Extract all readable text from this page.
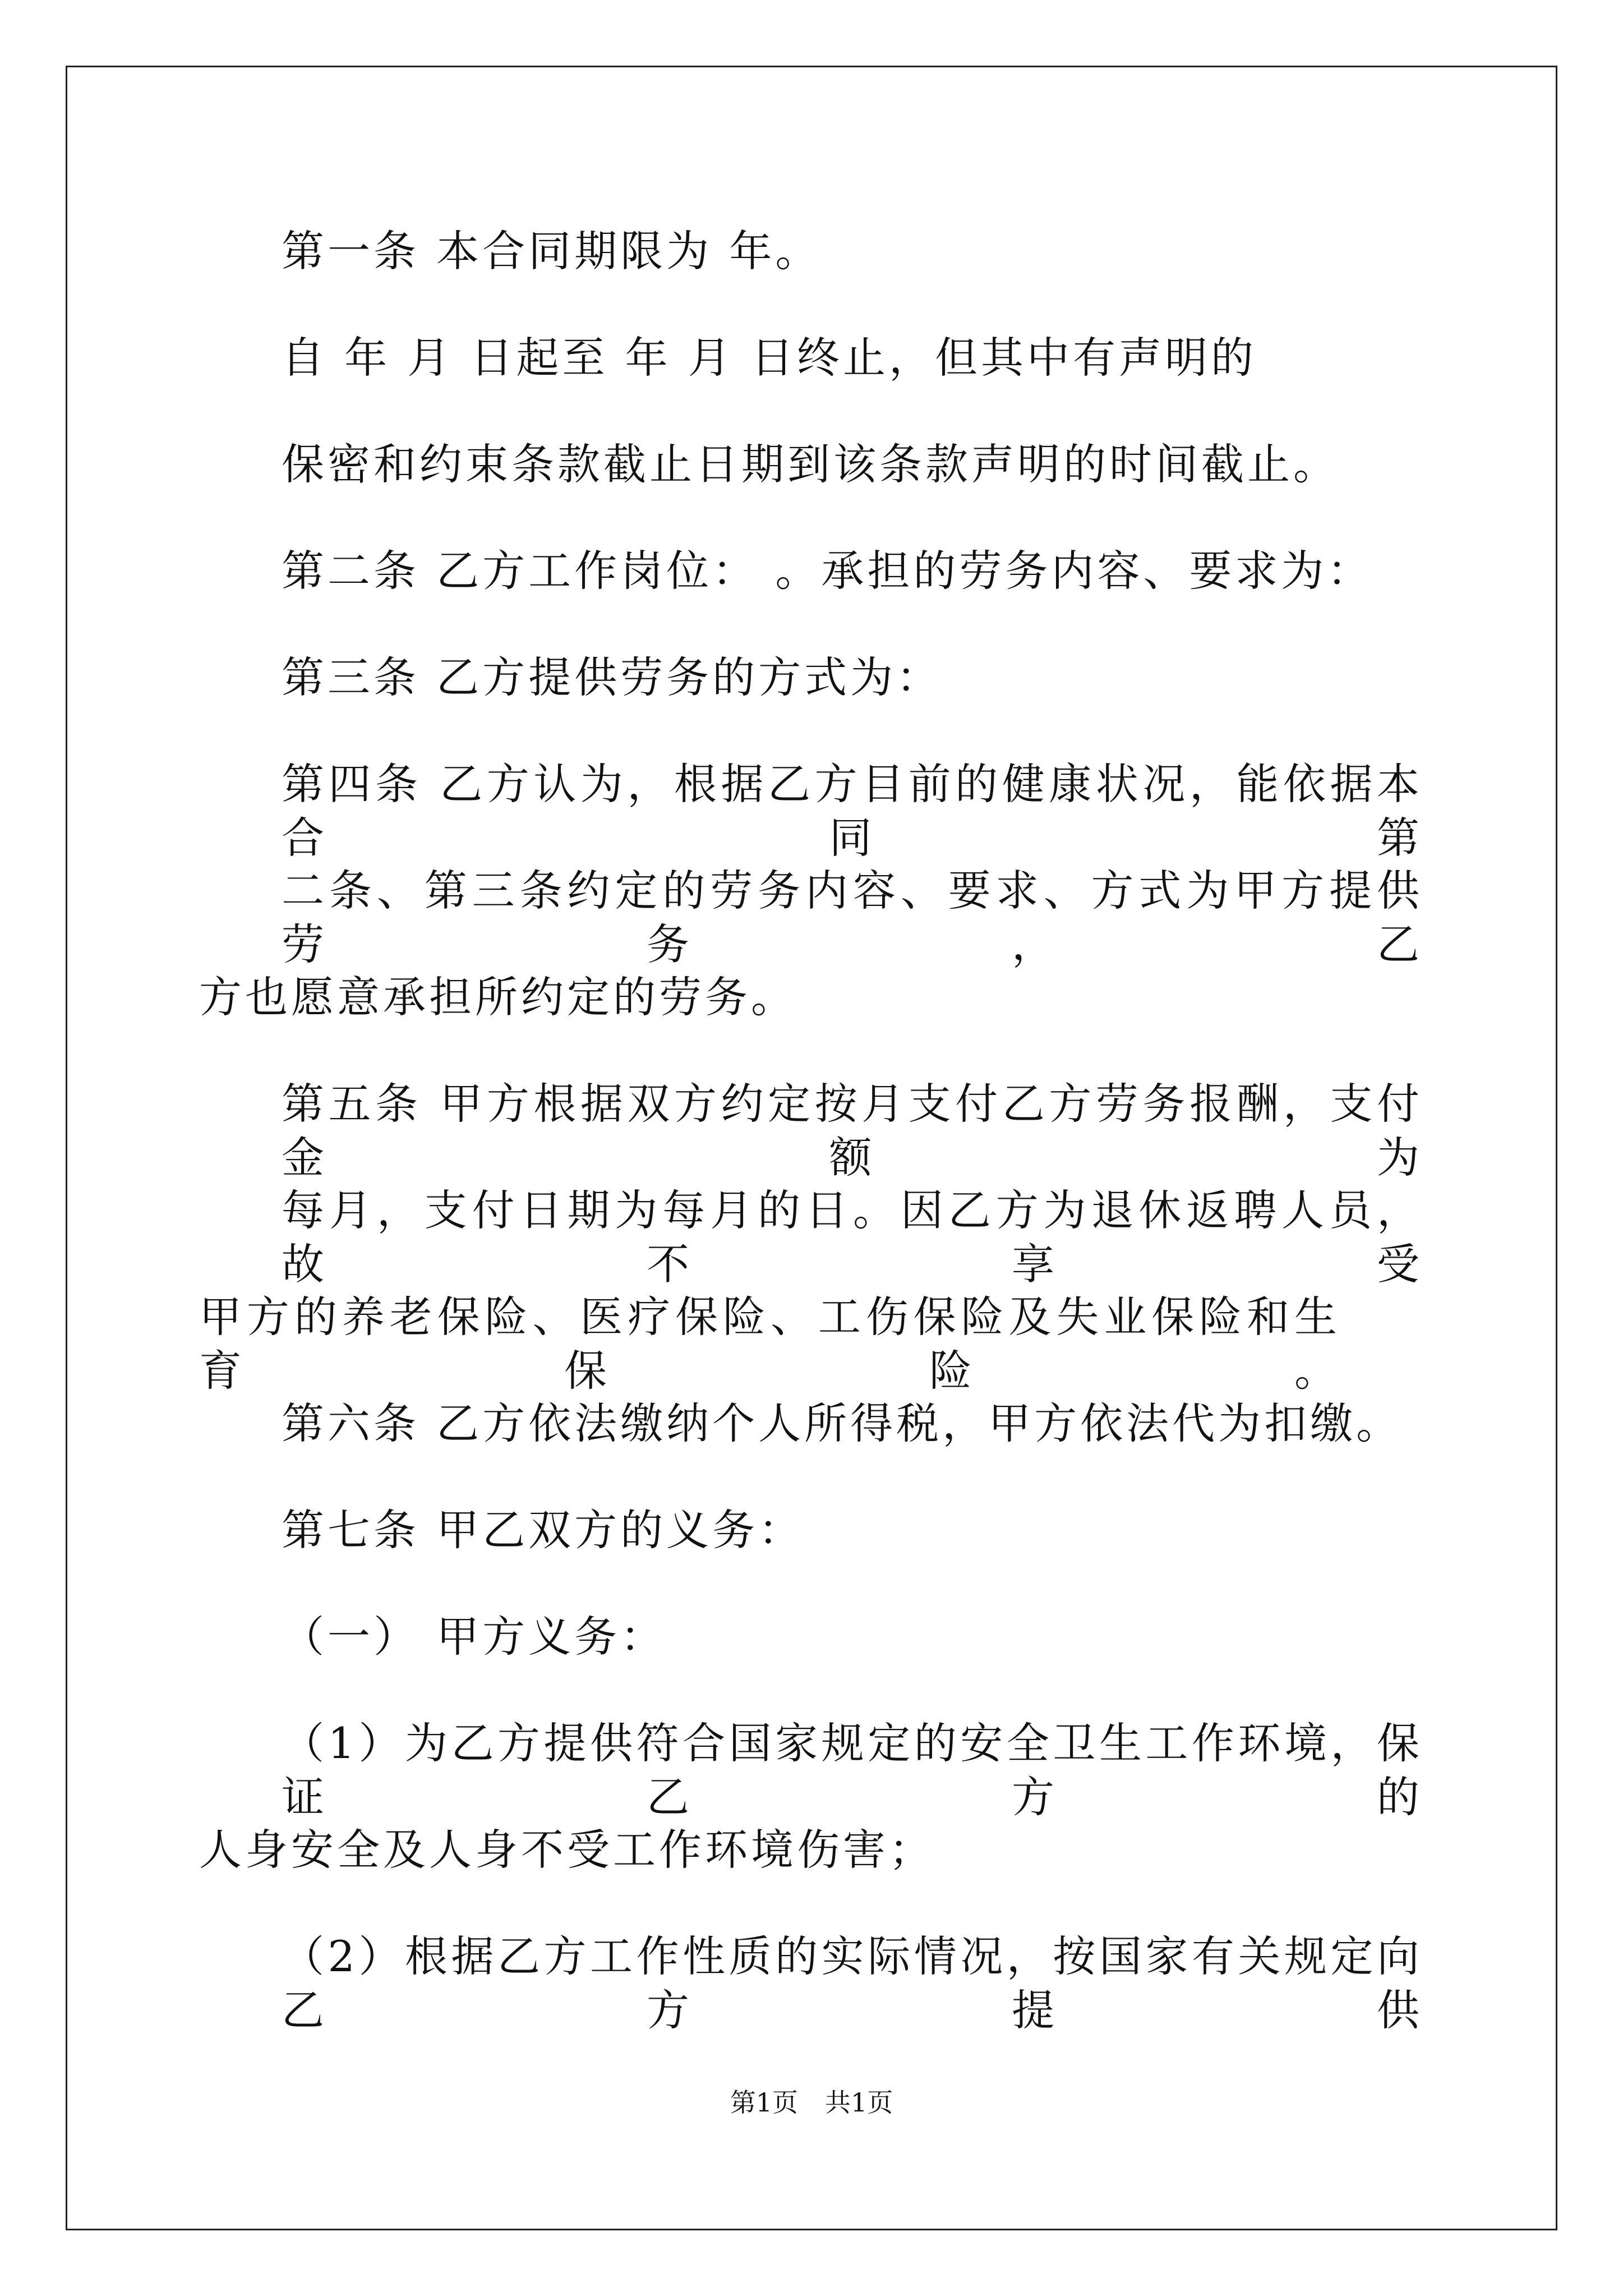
第一条 本合同期限为 年。
自 年 月 日起至 年 月 日终止，但其中有声明的
保密和约束条款截止日期到该条款声明的时间截止。
第二条 乙方工作岗位： 。承担的劳务内容、要求为：
第三条 乙方提供劳务的方式为：
第四条 乙方认为，根据乙方目前的健康状况，能依据本合同第
二条、第三条约定的劳务内容、要求、方式为甲方提供劳务，乙
方也愿意承担所约定的劳务。
第五条 甲方根据双方约定按月支付乙方劳务报酬，支付金额为
每月，支付日期为每月的日。因乙方为退休返聘人员，故不享受
甲方的养老保险、医疗保险、工伤保险及失业保险和生育保险。
第六条 乙方依法缴纳个人所得税，甲方依法代为扣缴。
第七条 甲乙双方的义务：
（一） 甲方义务：
（1）为乙方提供符合国家规定的安全卫生工作环境，保证乙方的
人身安全及人身不受工作环境伤害；
（2）根据乙方工作性质的实际情况，按国家有关规定向乙方提供
第1页 共1页
